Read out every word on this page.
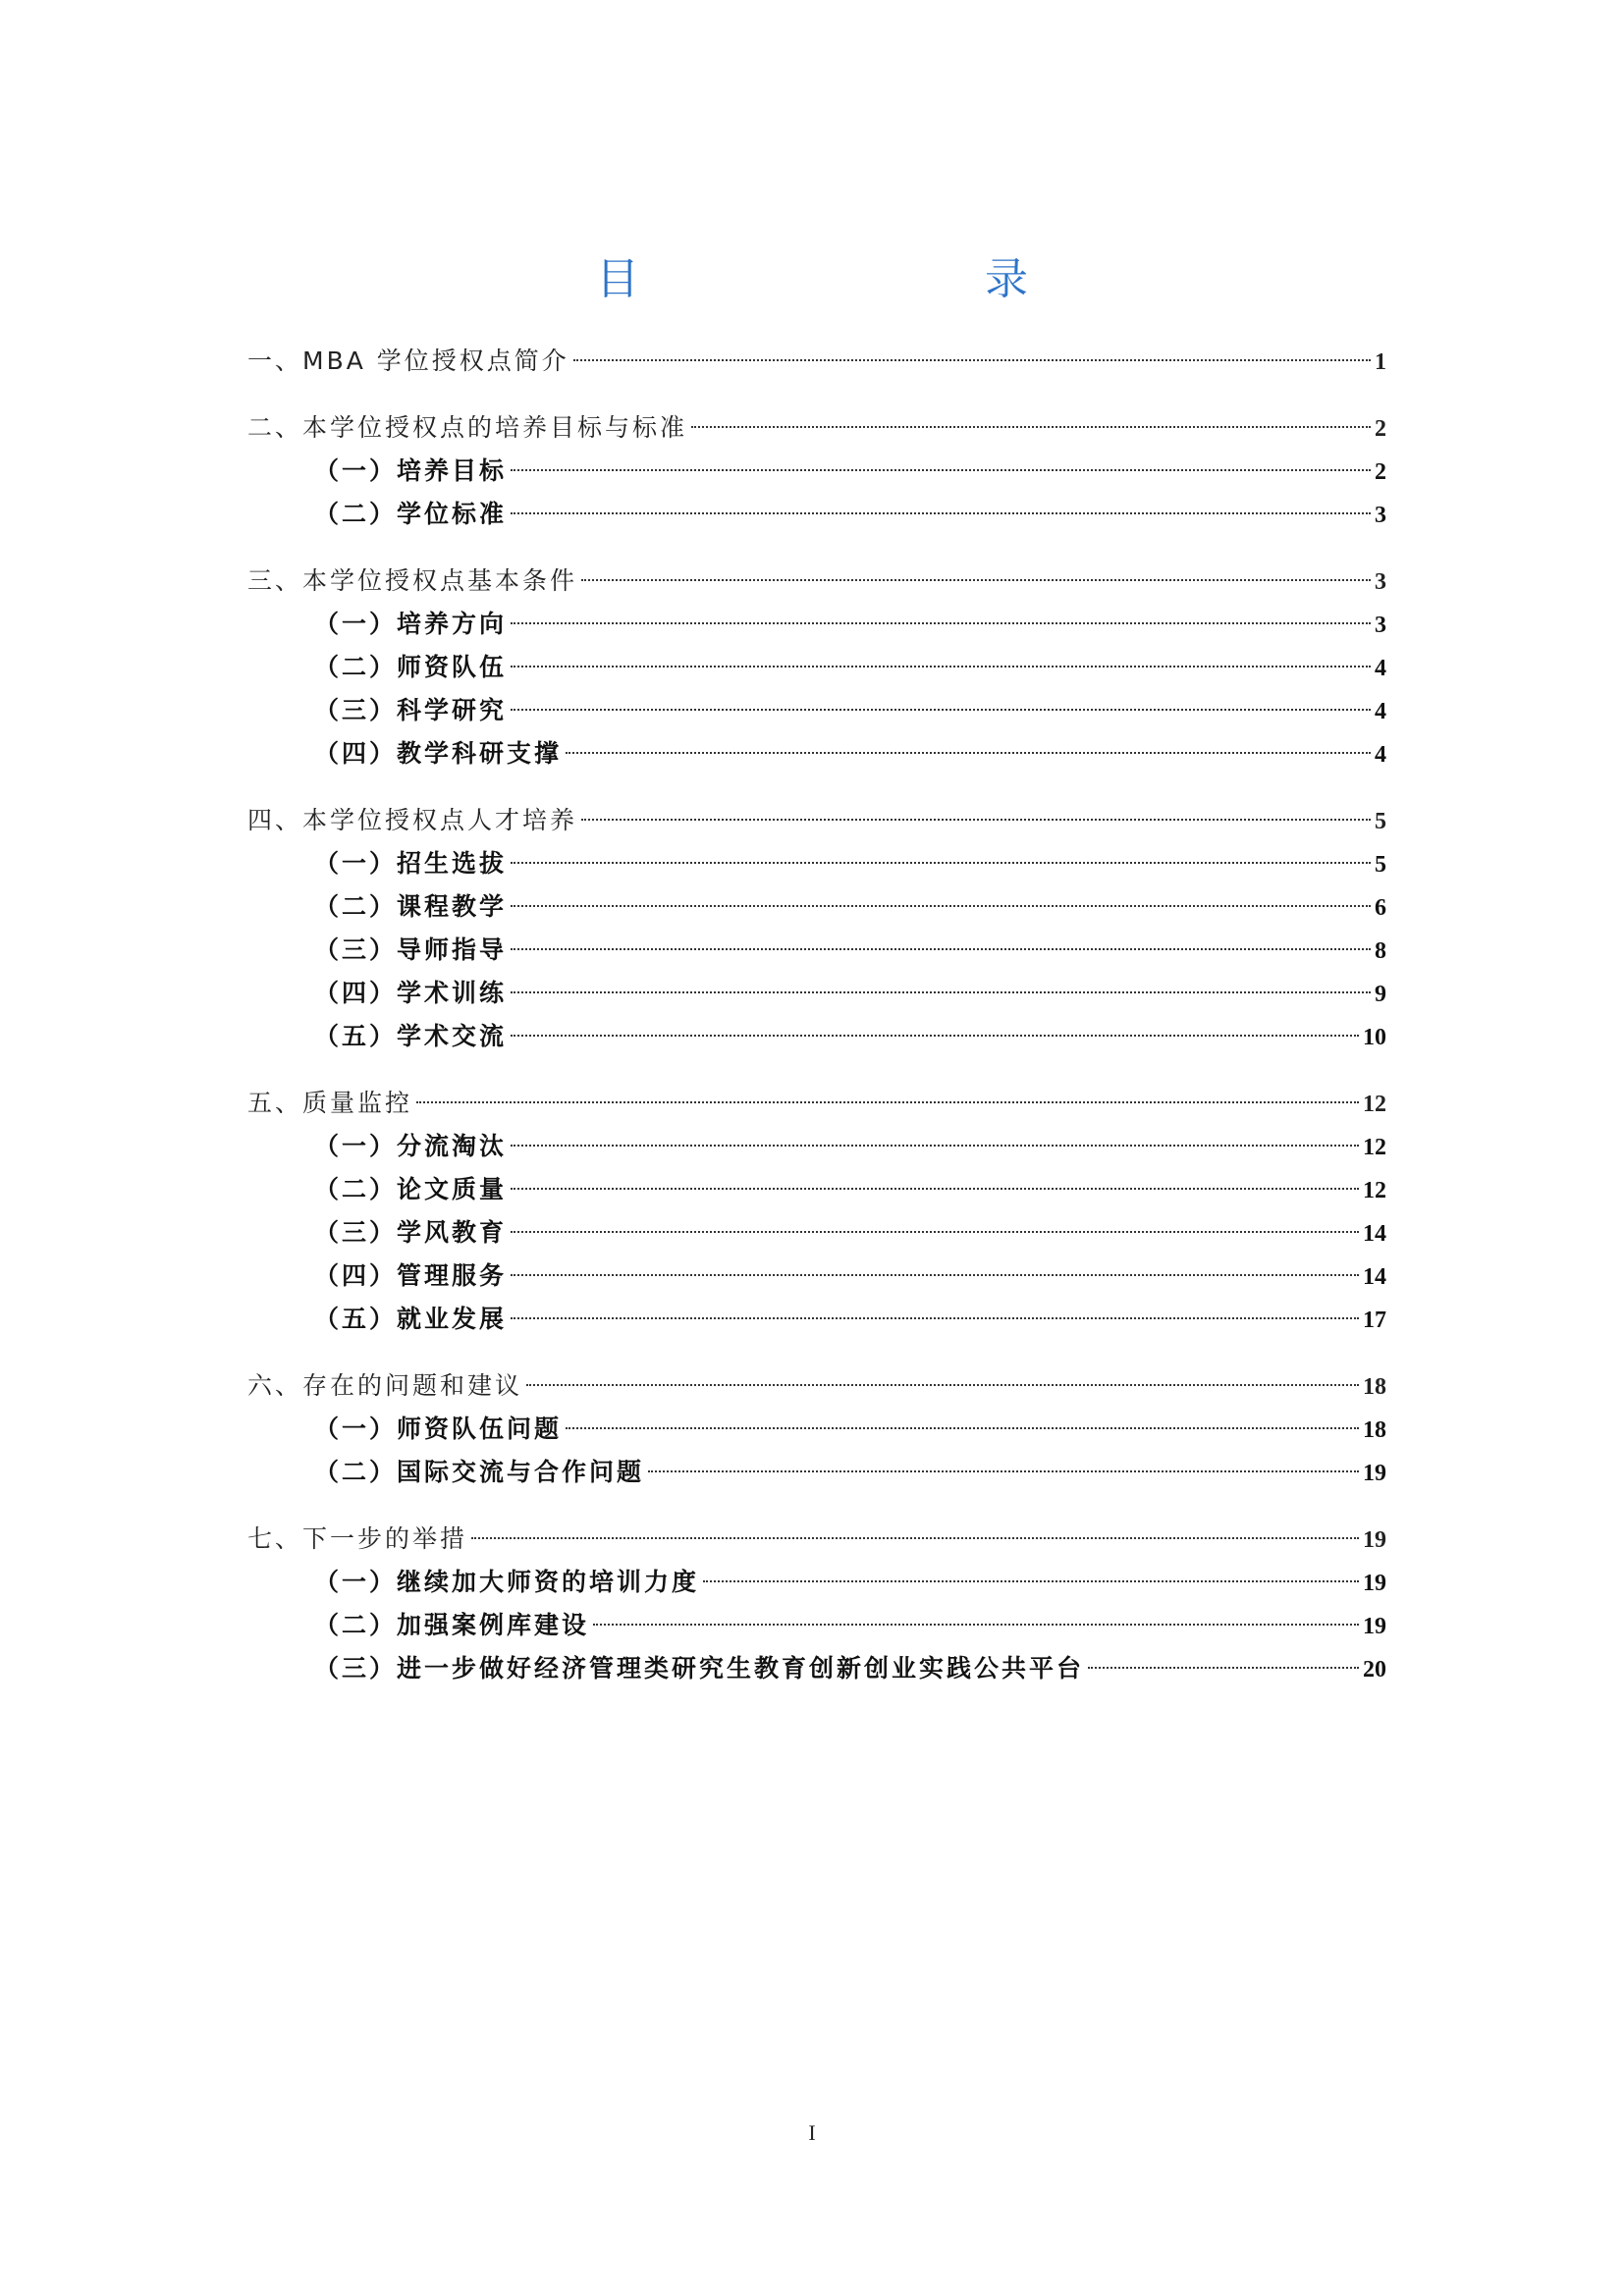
目　　录
一、MBA 学位授权点简介	1
二、本学位授权点的培养目标与标准	2
（一）培养目标	2
（二）学位标准	3
三、本学位授权点基本条件	3
（一）培养方向	3
（二）师资队伍	4
（三）科学研究	4
（四）教学科研支撑	4
四、本学位授权点人才培养	5
（一）招生选拔	5
（二）课程教学	6
（三）导师指导	8
（四）学术训练	9
（五）学术交流	10
五、质量监控	12
（一）分流淘汰	12
（二）论文质量	12
（三）学风教育	14
（四）管理服务	14
（五）就业发展	17
六、存在的问题和建议	18
（一）师资队伍问题	18
（二）国际交流与合作问题	19
七、下一步的举措	19
（一）继续加大师资的培训力度	19
（二）加强案例库建设	19
（三）进一步做好经济管理类研究生教育创新创业实践公共平台	20
I
